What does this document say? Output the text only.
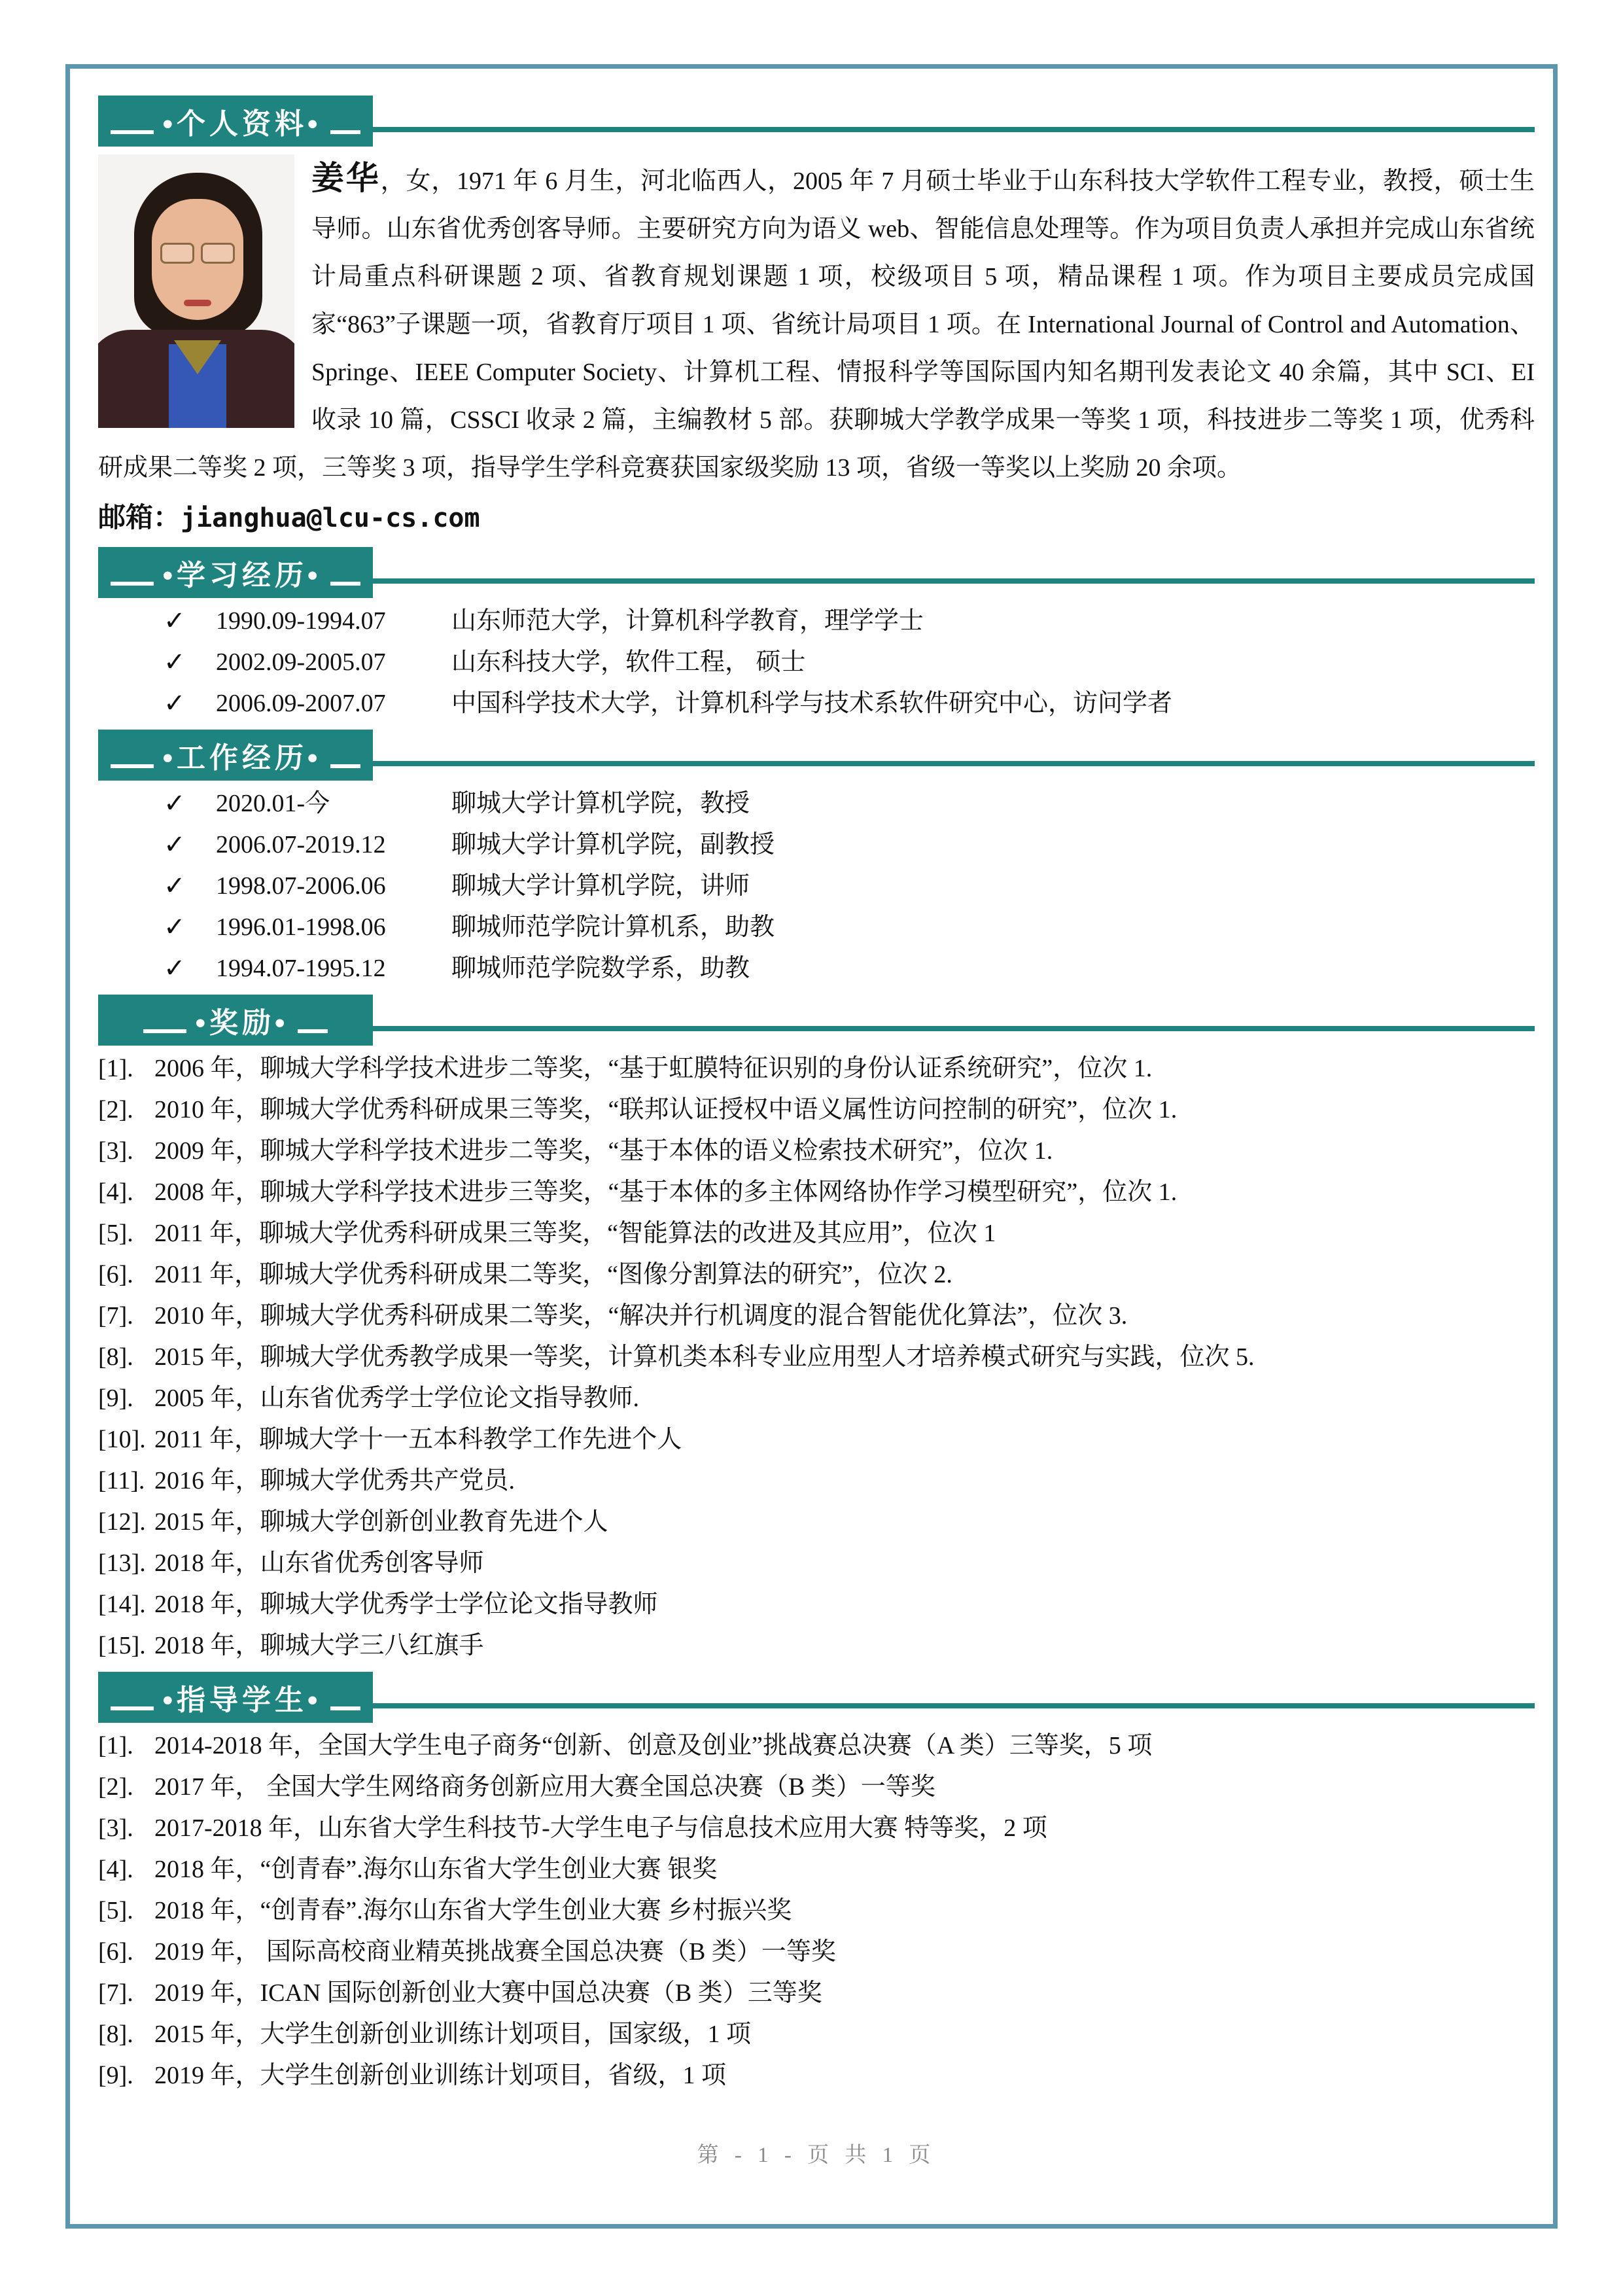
•个人资料•

姜华，女，1971 年 6 月生，河北临西人，2005 年 7 月硕士毕业于山东科技大学软件工程专业，教授，硕士生导师。山东省优秀创客导师。主要研究方向为语义 web、智能信息处理等。作为项目负责人承担并完成山东省统计局重点科研课题 2 项、省教育规划课题 1 项，校级项目 5 项，精品课程 1 项。作为项目主要成员完成国家“863”子课题一项，省教育厅项目 1 项、省统计局项目 1 项。在 International Journal of Control and Automation、Springe、IEEE Computer Society、计算机工程、情报科学等国际国内知名期刊发表论文 40 余篇，其中 SCI、EI 收录 10 篇，CSSCI 收录 2 篇，主编教材 5 部。获聊城大学教学成果一等奖 1 项，科技进步二等奖 1 项，优秀科研成果二等奖 2 项，三等奖 3 项，指导学生学科竞赛获国家级奖励 13 项，省级一等奖以上奖励 20 余项。

邮箱：jianghua@lcu-cs.com
•学习经历•
✓	1990.09-1994.07	山东师范大学，计算机科学教育，理学学士
✓	2002.09-2005.07	山东科技大学，软件工程， 硕士
✓	2006.09-2007.07	中国科学技术大学，计算机科学与技术系软件研究中心，访问学者
•工作经历•
✓	2020.01-今	聊城大学计算机学院，教授
✓	2006.07-2019.12	聊城大学计算机学院，副教授
✓	1998.07-2006.06	聊城大学计算机学院，讲师
✓	1996.01-1998.06	聊城师范学院计算机系，助教
✓	1994.07-1995.12	聊城师范学院数学系，助教
•奖励•
[1]. 2006 年，聊城大学科学技术进步二等奖，“基于虹膜特征识别的身份认证系统研究”，位次 1.
[2]. 2010 年，聊城大学优秀科研成果三等奖，“联邦认证授权中语义属性访问控制的研究”，位次 1.
[3]. 2009 年，聊城大学科学技术进步二等奖，“基于本体的语义检索技术研究”，位次 1.
[4]. 2008 年，聊城大学科学技术进步三等奖，“基于本体的多主体网络协作学习模型研究”，位次 1.
[5]. 2011 年，聊城大学优秀科研成果三等奖，“智能算法的改进及其应用”，位次 1
[6]. 2011 年，聊城大学优秀科研成果二等奖，“图像分割算法的研究”，位次 2.
[7]. 2010 年，聊城大学优秀科研成果二等奖，“解决并行机调度的混合智能优化算法”，位次 3.
[8]. 2015 年，聊城大学优秀教学成果一等奖，计算机类本科专业应用型人才培养模式研究与实践，位次 5.
[9]. 2005 年，山东省优秀学士学位论文指导教师.
[10]. 2011 年，聊城大学十一五本科教学工作先进个人
[11]. 2016 年，聊城大学优秀共产党员.
[12]. 2015 年，聊城大学创新创业教育先进个人
[13]. 2018 年，山东省优秀创客导师
[14]. 2018 年，聊城大学优秀学士学位论文指导教师
[15]. 2018 年，聊城大学三八红旗手
•指导学生•
[1]. 2014-2018 年，全国大学生电子商务“创新、创意及创业”挑战赛总决赛（A 类）三等奖，5 项
[2]. 2017 年， 全国大学生网络商务创新应用大赛全国总决赛（B 类）一等奖
[3]. 2017-2018 年，山东省大学生科技节-大学生电子与信息技术应用大赛 特等奖，2 项
[4]. 2018 年，“创青春”.海尔山东省大学生创业大赛 银奖
[5]. 2018 年，“创青春”.海尔山东省大学生创业大赛 乡村振兴奖
[6]. 2019 年， 国际高校商业精英挑战赛全国总决赛（B 类）一等奖
[7]. 2019 年，ICAN 国际创新创业大赛中国总决赛（B 类）三等奖
[8]. 2015 年，大学生创新创业训练计划项目，国家级，1 项
[9]. 2019 年，大学生创新创业训练计划项目，省级，1 项
第 - 1 - 页 共 1 页
